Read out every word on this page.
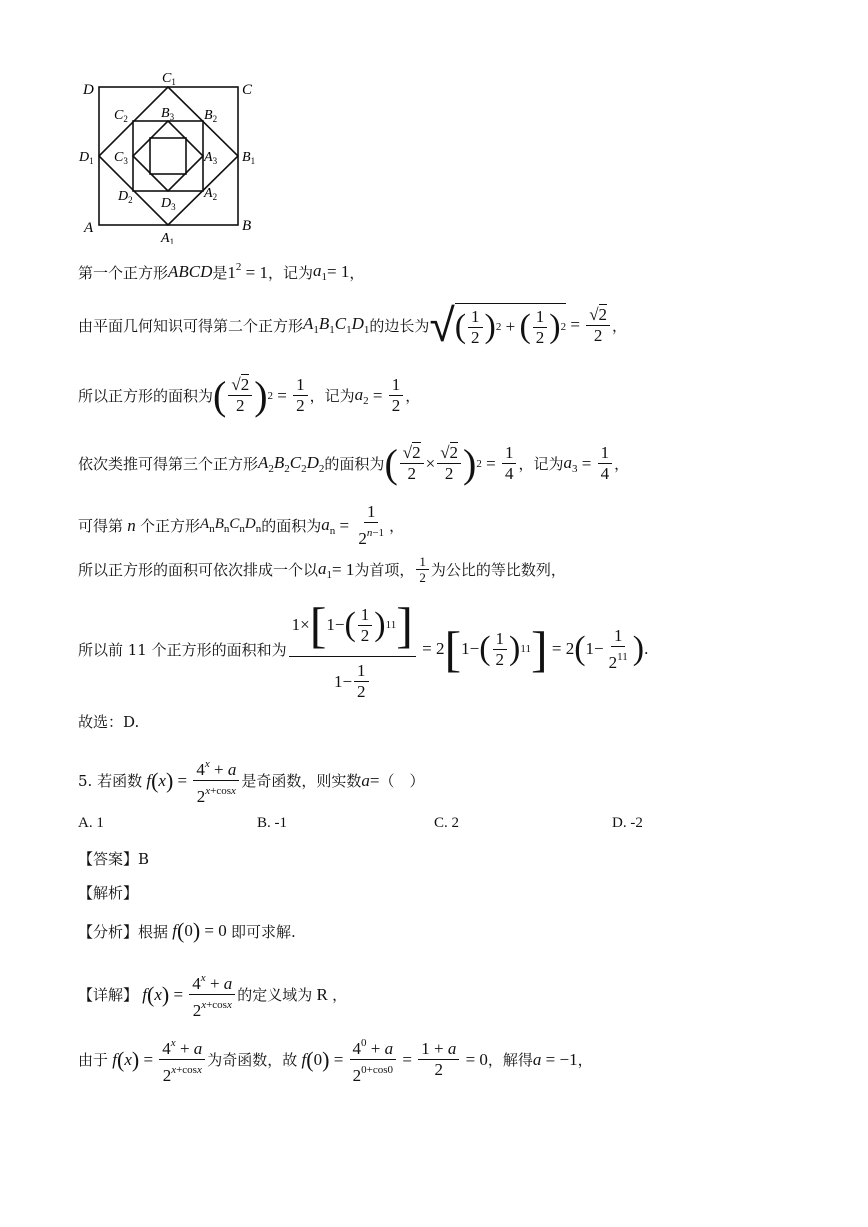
D	C
A	B
$C_1$
$A_1$
$D_1$	$B_1$
$C_2$	$B_2$
$D_2$	$A_2$
$B_3$
$C_3$	$A_3$
$D_3$
第一个正方形 ABCD 是 $1^2 = 1$ ，记为 $a_1 = 1$ ，
由平面几何知识可得第二个正方形 $A_1B_1C_1D_1$ 的边长为 √ ( $\frac{1}{2}$ ) 2 + ( $\frac{1}{2}$ ) $2 = \frac{√2}{2}$ ，
所以正方形的面积为 ( $\frac{√2}{2}$ ) $2 = \frac{1}{2}$ ，记为 $a_2 = \frac{1}{2}$ ，
依次类推可得第三个正方形 $A_2B_2C_2D_2$ 的面积为 ( $\frac{√2}{2} \times \frac{√2}{2}$ ) $2 = \frac{1}{4}$ ，记为 $a_3 = \frac{1}{4}$ ，
可得第 n 个正方形 $A_nB_nC_nD_n$ 的面积为 $a_n = \frac{1}{2^{n-1}}$ ，
所以正方形的面积可依次排成一个以 $a_1 = 1$ 为首项， $\frac{1}{2}$ 为公比的等比数列，
所以前 11 个正方形的面积和为 $\frac{1\times [ 1- ( \frac{1}{2} ) 11 ]}{1- \frac{1}{2}} = 2$ [ 1− ( $\frac{1}{2}$ ) 11 ] = 2 ( $1- \frac{1}{2^{11}}$ ) .
故选：D.
5. 若函数 f ( x ) = $\frac{4^x + a}{2^{x+cosx}}$ 是奇函数，则实数 a = （　）
A. 1	B. -1	C. 2	D. -2
【答案】B
【解析】
【分析】根据 f ( 0 ) = 0 即可求解.
【详解】 f ( x ) = $\frac{4^x + a}{2^{x+cosx}}$ 的定义域为 R ，
由于 f ( x ) = $\frac{4^x + a}{2^{x+cosx}}$ 为奇函数，故 f ( 0 ) = $\frac{4^0 + a}{2^{0+cos0}} = \frac{1 + a}{2} = 0$ ，解得 a = −1 ，
